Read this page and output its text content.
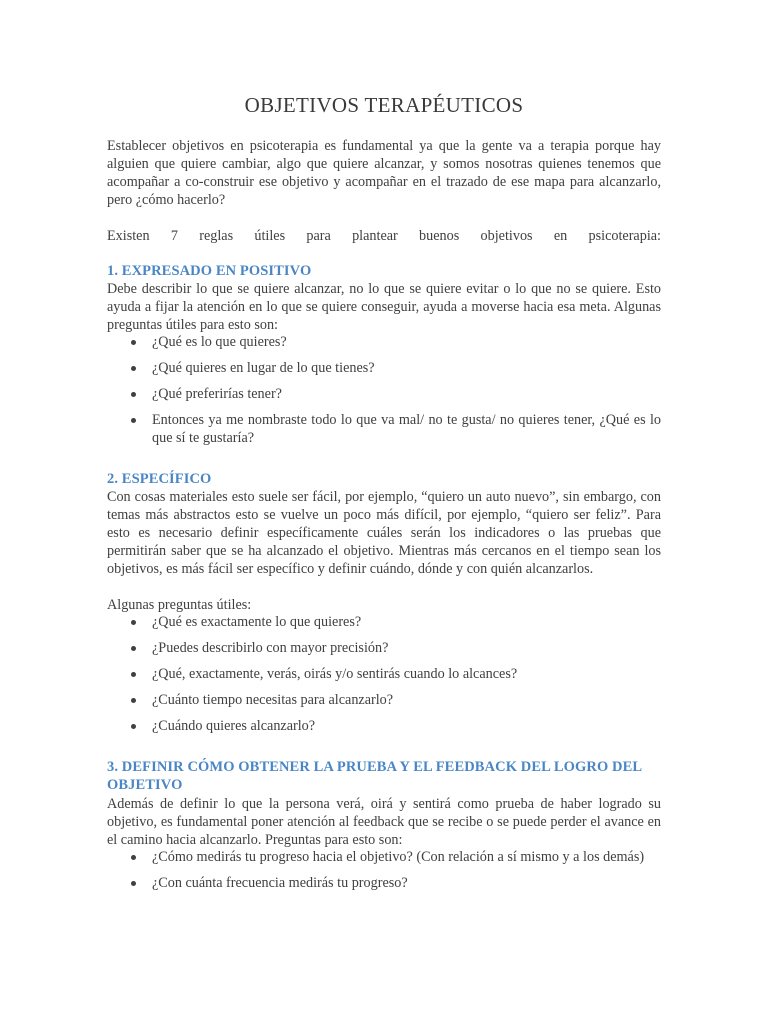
OBJETIVOS TERAPÉUTICOS

Establecer objetivos en psicoterapia es fundamental ya que la gente va a terapia porque hay alguien que quiere cambiar, algo que quiere alcanzar, y somos nosotras quienes tenemos que acompañar a co-construir ese objetivo y acompañar en el trazado de ese mapa para alcanzarlo, pero ¿cómo hacerlo?

Existen 7 reglas útiles para plantear buenos objetivos en psicoterapia:

1. EXPRESADO EN POSITIVO

Debe describir lo que se quiere alcanzar, no lo que se quiere evitar o lo que no se quiere. Esto ayuda a fijar la atención en lo que se quiere conseguir, ayuda a moverse hacia esa meta. Algunas preguntas útiles para esto son:

¿Qué es lo que quieres?
¿Qué quieres en lugar de lo que tienes?
¿Qué preferirías tener?
Entonces ya me nombraste todo lo que va mal/ no te gusta/ no quieres tener, ¿Qué es lo que sí te gustaría?
2. ESPECÍFICO

Con cosas materiales esto suele ser fácil, por ejemplo, “quiero un auto nuevo”, sin embargo, con temas más abstractos esto se vuelve un poco más difícil, por ejemplo, “quiero ser feliz”. Para esto es necesario definir específicamente cuáles serán los indicadores o las pruebas que permitirán saber que se ha alcanzado el objetivo. Mientras más cercanos en el tiempo sean los objetivos, es más fácil ser específico y definir cuándo, dónde y con quién alcanzarlos.

Algunas preguntas útiles:

¿Qué es exactamente lo que quieres?
¿Puedes describirlo con mayor precisión?
¿Qué, exactamente, verás, oirás y/o sentirás cuando lo alcances?
¿Cuánto tiempo necesitas para alcanzarlo?
¿Cuándo quieres alcanzarlo?
3. DEFINIR CÓMO OBTENER LA PRUEBA Y EL FEEDBACK DEL LOGRO DEL OBJETIVO

Además de definir lo que la persona verá, oirá y sentirá como prueba de haber logrado su objetivo, es fundamental poner atención al feedback que se recibe o se puede perder el avance en el camino hacia alcanzarlo. Preguntas para esto son:

¿Cómo medirás tu progreso hacia el objetivo? (Con relación a sí mismo y a los demás)
¿Con cuánta frecuencia medirás tu progreso?
